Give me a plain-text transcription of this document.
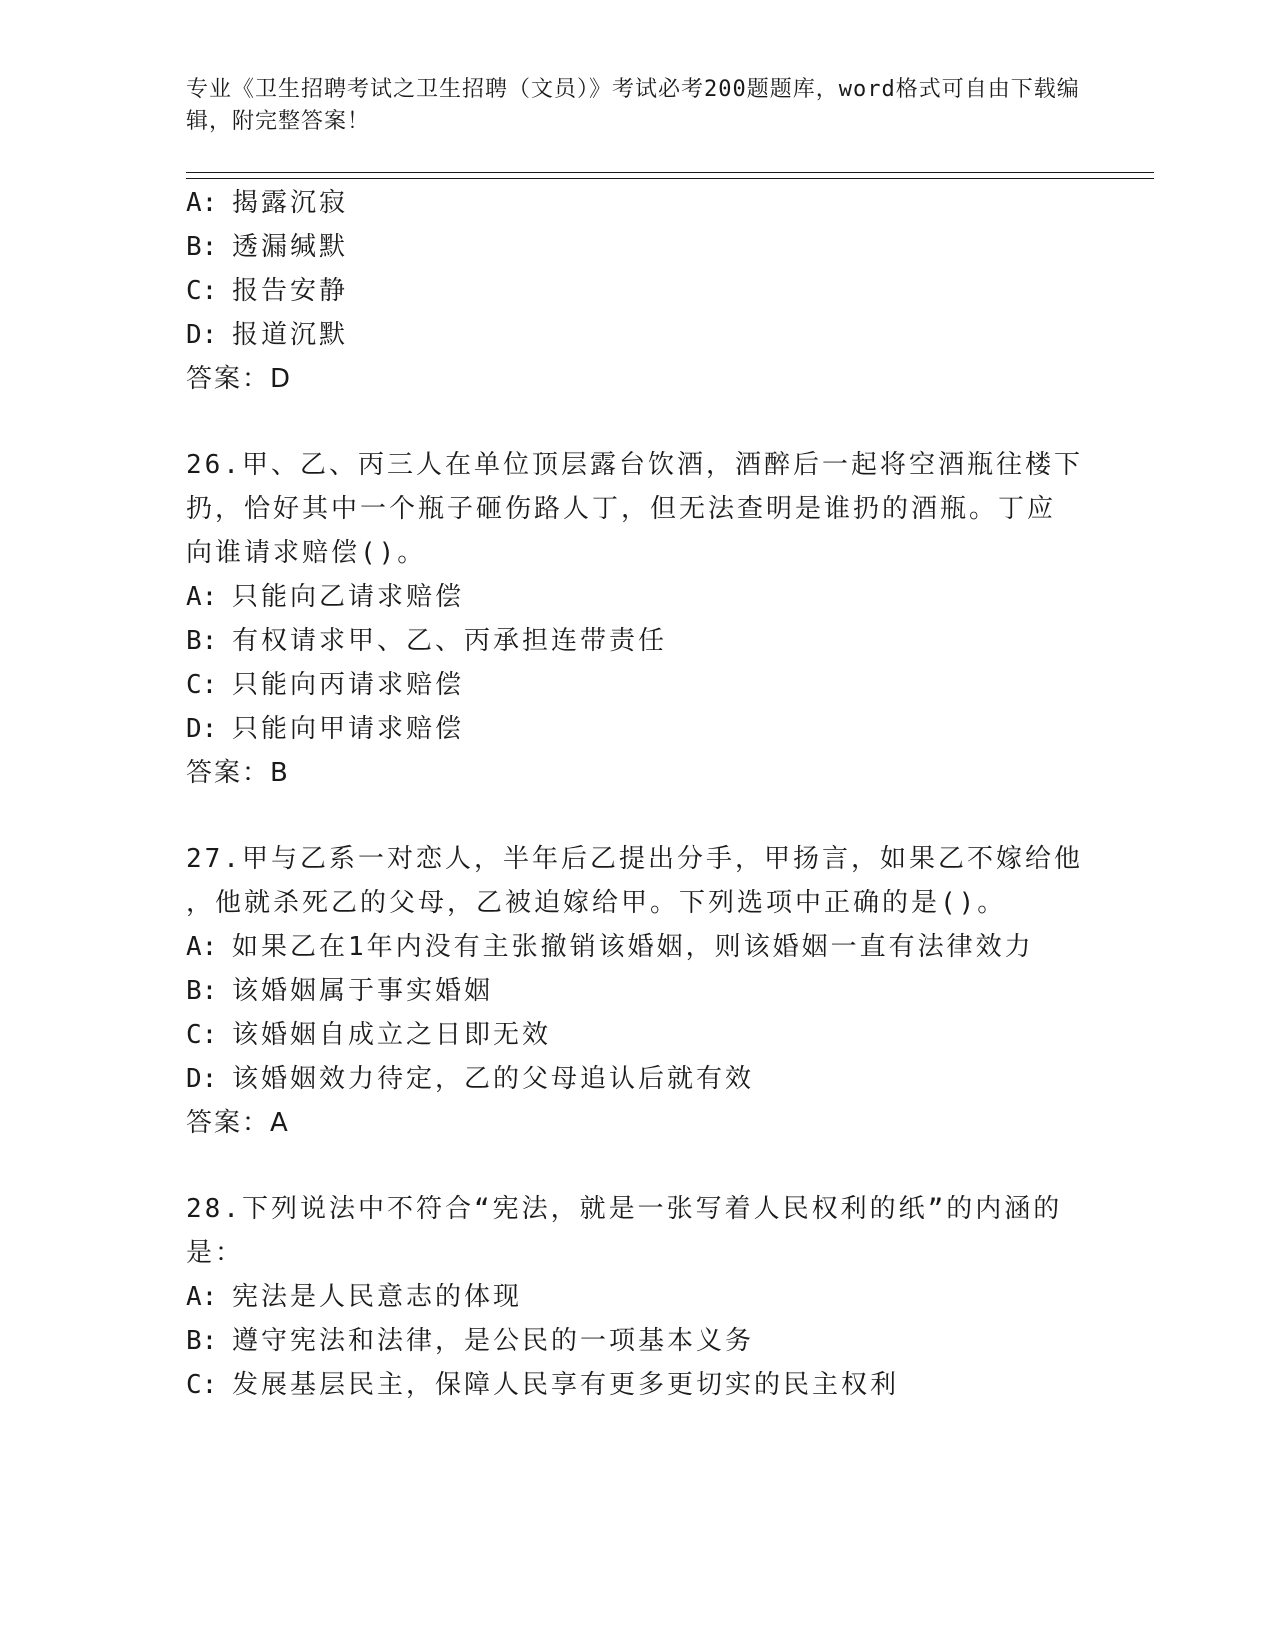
专业《卫生招聘考试之卫生招聘（文员）》考试必考200题题库，word格式可自由下载编辑，附完整答案！
A: 揭露沉寂
B: 透漏缄默
C: 报告安静
D: 报道沉默
答案：D
26.甲、乙、丙三人在单位顶层露台饮酒，酒醉后一起将空酒瓶往楼下
扔，恰好其中一个瓶子砸伤路人丁，但无法查明是谁扔的酒瓶。丁应
向谁请求赔偿()。
A: 只能向乙请求赔偿
B: 有权请求甲、乙、丙承担连带责任
C: 只能向丙请求赔偿
D: 只能向甲请求赔偿
答案：B
27.甲与乙系一对恋人，半年后乙提出分手，甲扬言，如果乙不嫁给他
，他就杀死乙的父母，乙被迫嫁给甲。下列选项中正确的是()。
A: 如果乙在1年内没有主张撤销该婚姻，则该婚姻一直有法律效力
B: 该婚姻属于事实婚姻
C: 该婚姻自成立之日即无效
D: 该婚姻效力待定，乙的父母追认后就有效
答案：A
28.下列说法中不符合“宪法，就是一张写着人民权利的纸”的内涵的
是：
A: 宪法是人民意志的体现
B: 遵守宪法和法律，是公民的一项基本义务
C: 发展基层民主，保障人民享有更多更切实的民主权利
